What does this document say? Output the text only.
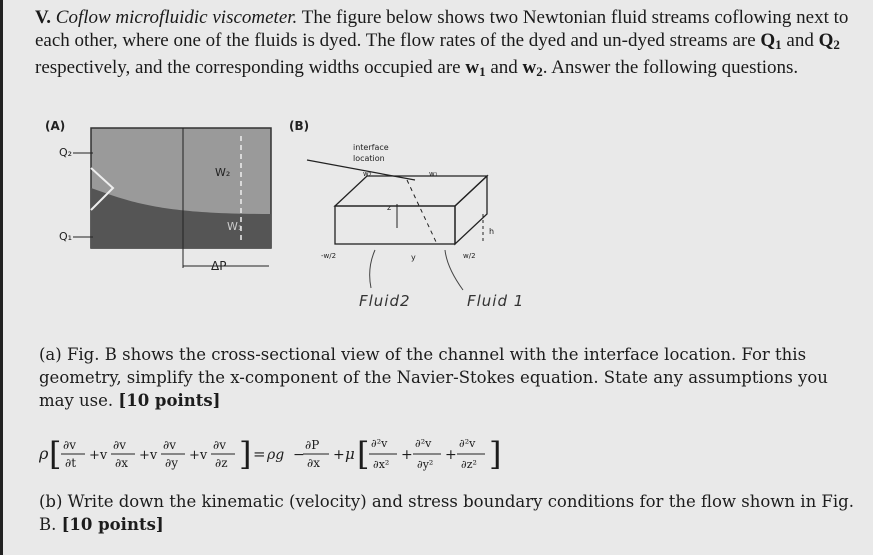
V. Coflow microfluidic viscometer. The figure below shows two Newtonian fluid streams coflowing next to each other, where one of the fluids is dyed. The flow rates of the dyed and un-dyed streams are $Q_1$ and $Q_2$ respectively, and the corresponding widths occupied are $w_1$ and $w_2$. Answer the following questions.
(A)
Q₂
Q₁
W₂
W₁
ΔP
(B)
interface
location
w₂	w₁
z
y
h
-w/2	w/2
Fluid2	Fluid 1
(a) Fig. B shows the cross-sectional view of the channel with the interface location. For this geometry, simplify the x-component of the Navier-Stokes equation. State any assumptions you may use. [10 points]
ρ [ ∂v
∂t +v
∂v
∂x +v
∂v
∂y +v
∂v
∂z ] = ρg −
∂P
∂x + μ [ ∂²v
∂x²
+
∂²v
∂y²
+
∂²v
∂z² ]
(b) Write down the kinematic (velocity) and stress boundary conditions for the flow shown in Fig. B. [10 points]
